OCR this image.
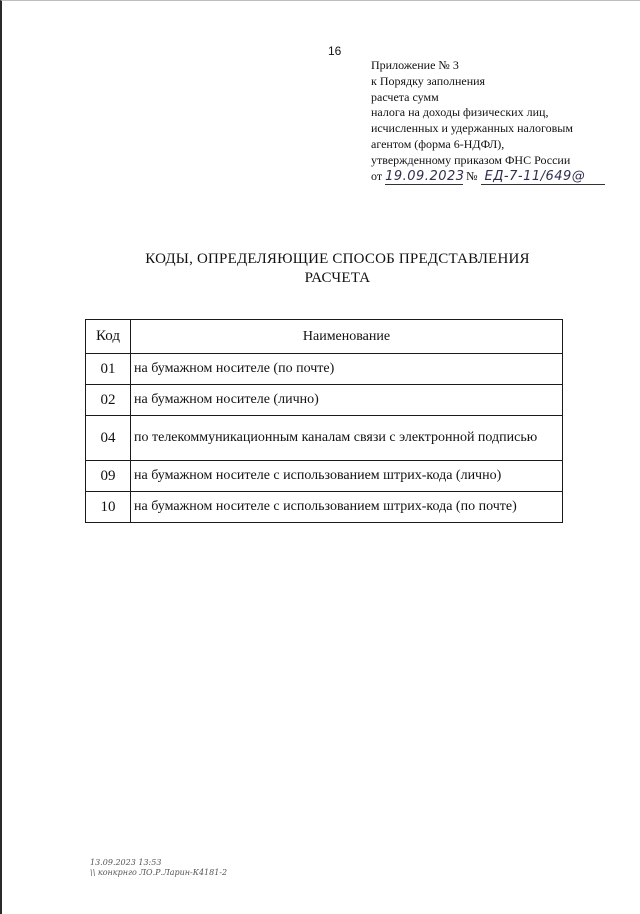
16
Приложение № 3
к Порядку заполнения
расчета сумм
налога на доходы физических лиц,
исчисленных и удержанных налоговым
агентом (форма 6-НДФЛ),
утвержденному приказом ФНС России
от 19.09.2023 № ЕД-7-11/649@
КОДЫ, ОПРЕДЕЛЯЮЩИЕ СПОСОБ ПРЕДСТАВЛЕНИЯ
РАСЧЕТА
Код	Наименование
01	на бумажном носителе (по почте)
02	на бумажном носителе (лично)
04	по телекоммуникационным каналам связи с электронной подписью
09	на бумажном носителе с использованием штрих-кода (лично)
10	на бумажном носителе с использованием штрих-кода (по почте)
13.09.2023 13:53
\\ конкрнго ЛО.Р.Ларин-К4181-2
